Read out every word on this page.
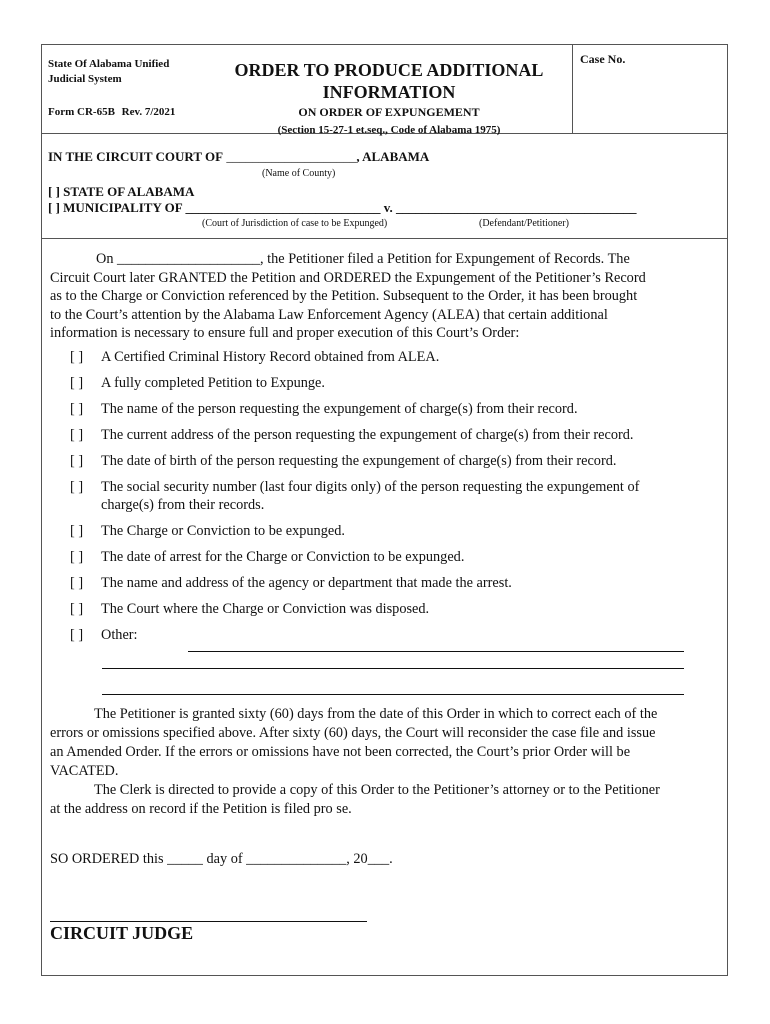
State Of Alabama Unified
Judicial System
Form CR-65B Rev. 7/2021
ORDER TO PRODUCE ADDITIONAL
INFORMATION
ON ORDER OF EXPUNGEMENT
(Section 15-27-1 et.seq., Code of Alabama 1975)
Case No.
IN THE CIRCUIT COURT OF ____________________, ALABAMA
(Name of County)
[ ] STATE OF ALABAMA
[ ] MUNICIPALITY OF ______________________________ v. _____________________________________
(Court of Jurisdiction of case to be Expunged)	(Defendant/Petitioner)

On ____________________, the Petitioner filed a Petition for Expungement of Records. The

Circuit Court later GRANTED the Petition and ORDERED the Expungement of the Petitioner’s Record

as to the Charge or Conviction referenced by the Petition. Subsequent to the Order, it has been brought

to the Court’s attention by the Alabama Law Enforcement Agency (ALEA) that certain additional

information is necessary to ensure full and proper execution of this Court’s Order:

[ ]	A Certified Criminal History Record obtained from ALEA.
[ ]	A fully completed Petition to Expunge.
[ ]	The name of the person requesting the expungement of charge(s) from their record.
[ ]	The current address of the person requesting the expungement of charge(s) from their record.
[ ]	The date of birth of the person requesting the expungement of charge(s) from their record.
[ ]	The social security number (last four digits only) of the person requesting the expungement of
charge(s) from their records.
[ ]	The Charge or Conviction to be expunged.
[ ]	The date of arrest for the Charge or Conviction to be expunged.
[ ]	The name and address of the agency or department that made the arrest.
[ ]	The Court where the Charge or Conviction was disposed.
[ ]	Other:
The Petitioner is granted sixty (60) days from the date of this Order in which to correct each of the
errors or omissions specified above. After sixty (60) days, the Court will reconsider the case file and issue
an Amended Order. If the errors or omissions have not been corrected, the Court’s prior Order will be
VACATED.
The Clerk is directed to provide a copy of this Order to the Petitioner’s attorney or to the Petitioner
at the address on record if the Petition is filed pro se.
SO ORDERED this _____ day of ______________, 20___.
CIRCUIT JUDGE
